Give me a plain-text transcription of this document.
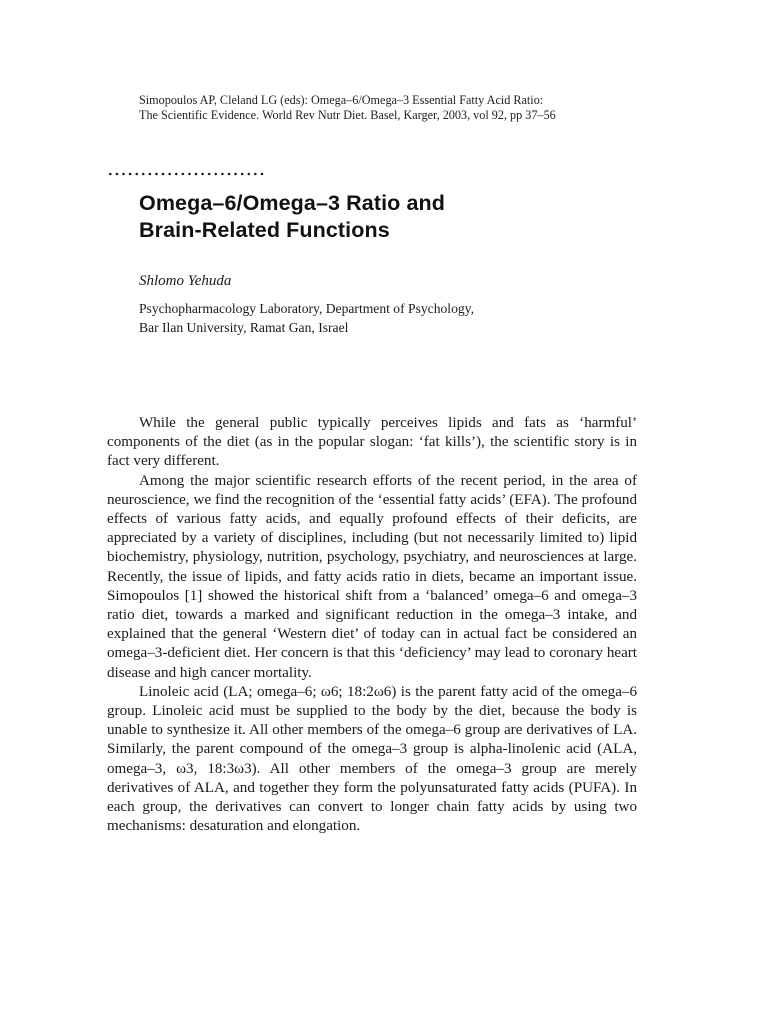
Simopoulos AP, Cleland LG (eds): Omega–6/Omega–3 Essential Fatty Acid Ratio:
The Scientific Evidence. World Rev Nutr Diet. Basel, Karger, 2003, vol 92, pp 37–56
Omega–6/Omega–3 Ratio and
Brain-Related Functions
Shlomo Yehuda
Psychopharmacology Laboratory, Department of Psychology,
Bar Ilan University, Ramat Gan, Israel

While the general public typically perceives lipids and fats as ‘harmful’ components of the diet (as in the popular slogan: ‘fat kills’), the scientific story is in fact very different.

Among the major scientific research efforts of the recent period, in the area of neuroscience, we find the recognition of the ‘essential fatty acids’ (EFA). The profound effects of various fatty acids, and equally profound effects of their deficits, are appreciated by a variety of disciplines, including (but not necessarily limited to) lipid biochemistry, physiology, nutrition, psychology, psychiatry, and neurosciences at large. Recently, the issue of lipids, and fatty acids ratio in diets, became an important issue. Simopoulos [1] showed the historical shift from a ‘balanced’ omega–6 and omega–3 ratio diet, towards a marked and significant reduction in the omega–3 intake, and explained that the general ‘Western diet’ of today can in actual fact be considered an omega–3-deficient diet. Her concern is that this ‘deficiency’ may lead to coronary heart disease and high cancer mortality.

Linoleic acid (LA; omega–6; ω6; 18:2ω6) is the parent fatty acid of the omega–6 group. Linoleic acid must be supplied to the body by the diet, because the body is unable to synthesize it. All other members of the omega–6 group are derivatives of LA. Similarly, the parent compound of the omega–3 group is alpha-linolenic acid (ALA, omega–3, ω3, 18:3ω3). All other members of the omega–3 group are merely derivatives of ALA, and together they form the polyunsaturated fatty acids (PUFA). In each group, the derivatives can convert to longer chain fatty acids by using two mechanisms: desaturation and elongation.
